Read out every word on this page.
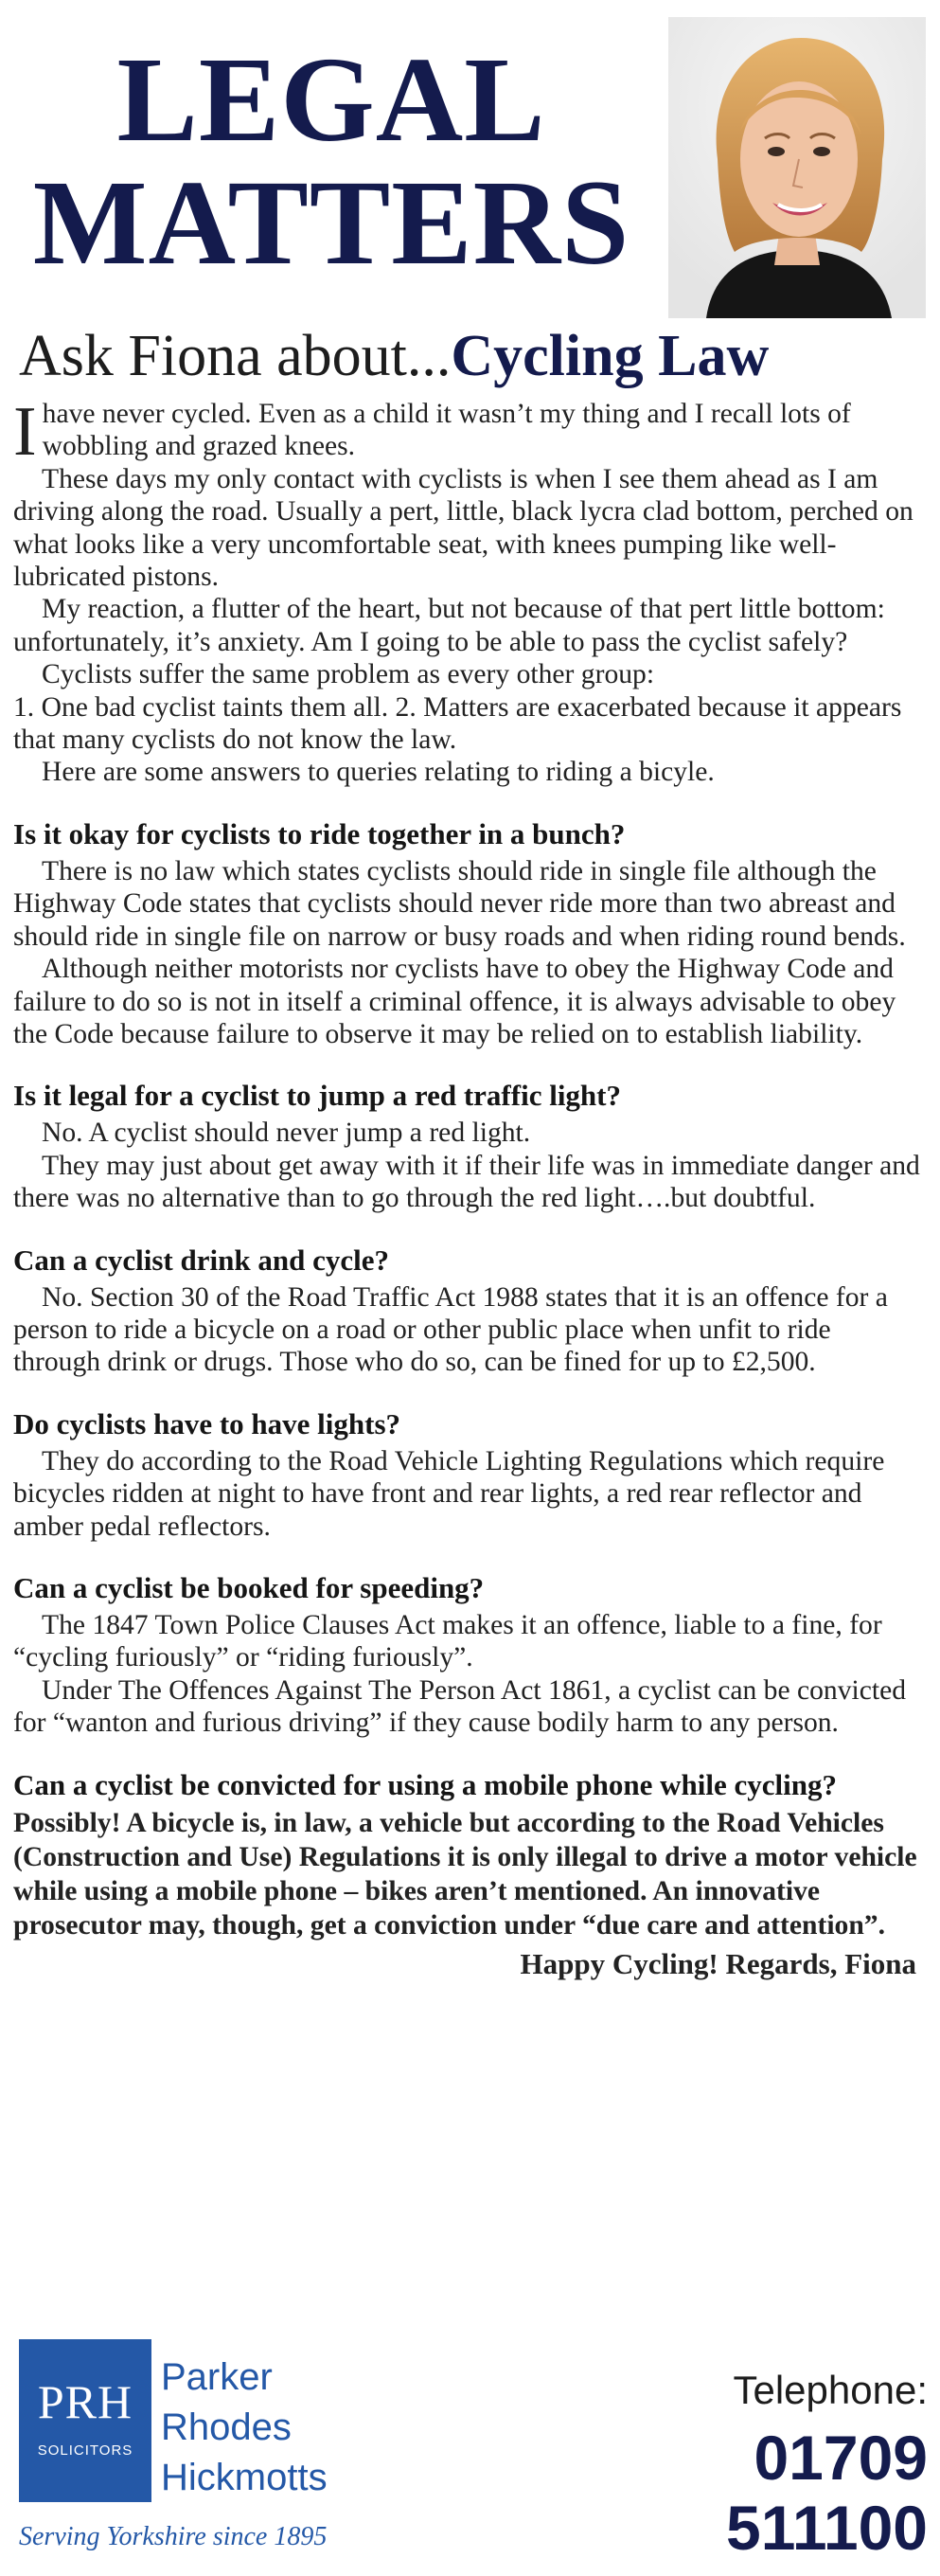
LEGAL
MATTERS
Ask Fiona about...Cycling Law

Ihave never cycled. Even as a child it wasn’t my thing and I recall lots of wobbling and grazed knees.

These days my only contact with cyclists is when I see them ahead as I am driving along the road. Usually a pert, little, black lycra clad bottom, perched on what looks like a very uncomfortable seat, with knees pumping like well-lubricated pistons.

My reaction, a flutter of the heart, but not because of that pert little bottom: unfortunately, it’s anxiety. Am I going to be able to pass the cyclist safely?

Cyclists suffer the same problem as every other group:

1. One bad cyclist taints them all. 2. Matters are exacerbated because it appears that many cyclists do not know the law.

Here are some answers to queries relating to riding a bicyle.

Is it okay for cyclists to ride together in a bunch?

There is no law which states cyclists should ride in single file although the Highway Code states that cyclists should never ride more than two abreast and should ride in single file on narrow or busy roads and when riding round bends.

Although neither motorists nor cyclists have to obey the Highway Code and failure to do so is not in itself a criminal offence, it is always advisable to obey the Code because failure to observe it may be relied on to establish liability.

Is it legal for a cyclist to jump a red traffic light?

No. A cyclist should never jump a red light.

They may just about get away with it if their life was in immediate danger and there was no alternative than to go through the red light….but doubtful.

Can a cyclist drink and cycle?

No. Section 30 of the Road Traffic Act 1988 states that it is an offence for a person to ride a bicycle on a road or other public place when unfit to ride through drink or drugs. Those who do so, can be fined for up to £2,500.

Do cyclists have to have lights?

They do according to the Road Vehicle Lighting Regulations which require bicycles ridden at night to have front and rear lights, a red rear reflector and amber pedal reflectors.

Can a cyclist be booked for speeding?

The 1847 Town Police Clauses Act makes it an offence, liable to a fine, for “cycling furiously” or “riding furiously”.

Under The Offences Against The Person Act 1861, a cyclist can be convicted for “wanton and furious driving” if they cause bodily harm to any person.

Can a cyclist be convicted for using a mobile phone while cycling?

Possibly! A bicycle is, in law, a vehicle but according to the Road Vehicles (Construction and Use) Regulations it is only illegal to drive a motor vehicle while using a mobile phone – bikes aren’t mentioned. An innovative prosecutor may, though, get a conviction under “due care and attention”.

Happy Cycling! Regards, Fiona
PRH
SOLICITORS
Parker
Rhodes
Hickmotts
Serving Yorkshire since 1895
Telephone:
01709
511100
